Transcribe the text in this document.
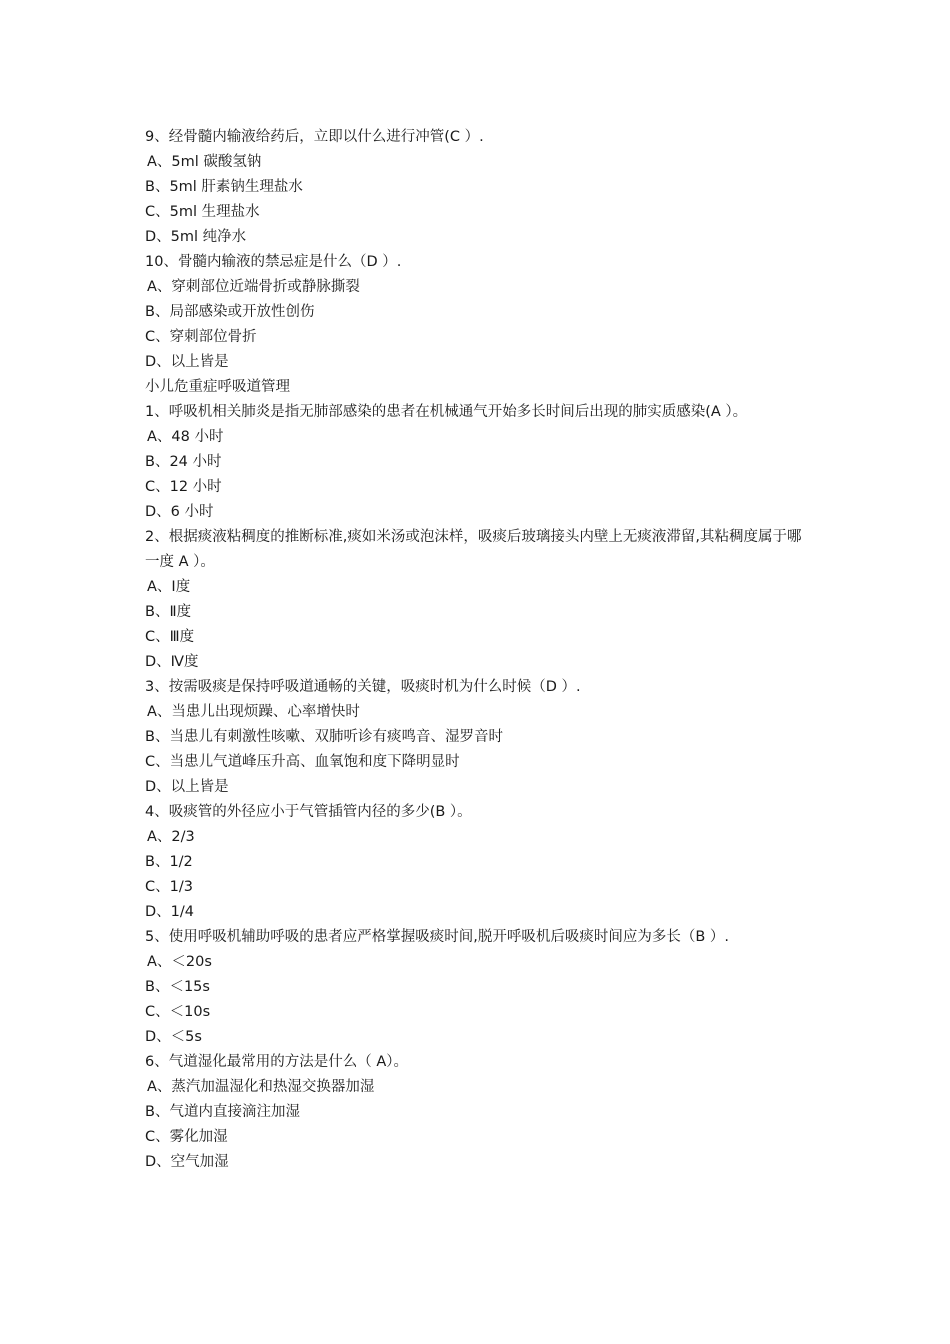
9、经骨髓内输液给药后，立即以什么进行冲管(C ）.
A、5ml 碳酸氢钠
B、5ml 肝素钠生理盐水
C、5ml 生理盐水
D、5ml 纯净水
10、骨髓内输液的禁忌症是什么（D ）.
A、穿刺部位近端骨折或静脉撕裂
B、局部感染或开放性创伤
C、穿刺部位骨折
D、以上皆是
小儿危重症呼吸道管理
1、呼吸机相关肺炎是指无肺部感染的患者在机械通气开始多长时间后出现的肺实质感染(A ）。
A、48 小时
B、24 小时
C、12 小时
D、6 小时
2、根据痰液粘稠度的推断标准,痰如米汤或泡沫样，吸痰后玻璃接头内壁上无痰液滞留,其粘稠度属于哪一度 A ）。
A、Ⅰ度
B、Ⅱ度
C、Ⅲ度
D、Ⅳ度
3、按需吸痰是保持呼吸道通畅的关键，吸痰时机为什么时候（D ）.
A、当患儿出现烦躁、心率增快时
B、当患儿有刺激性咳嗽、双肺听诊有痰鸣音、湿罗音时
C、当患儿气道峰压升高、血氧饱和度下降明显时
D、以上皆是
4、吸痰管的外径应小于气管插管内径的多少(B ）。
A、2/3
B、1/2
C、1/3
D、1/4
5、使用呼吸机辅助呼吸的患者应严格掌握吸痰时间,脱开呼吸机后吸痰时间应为多长（B ）.
A、＜20s
B、＜15s
C、＜10s
D、＜5s
6、气道湿化最常用的方法是什么（ A）。
A、蒸汽加温湿化和热湿交换器加湿
B、气道内直接滴注加湿
C、雾化加湿
D、空气加湿
